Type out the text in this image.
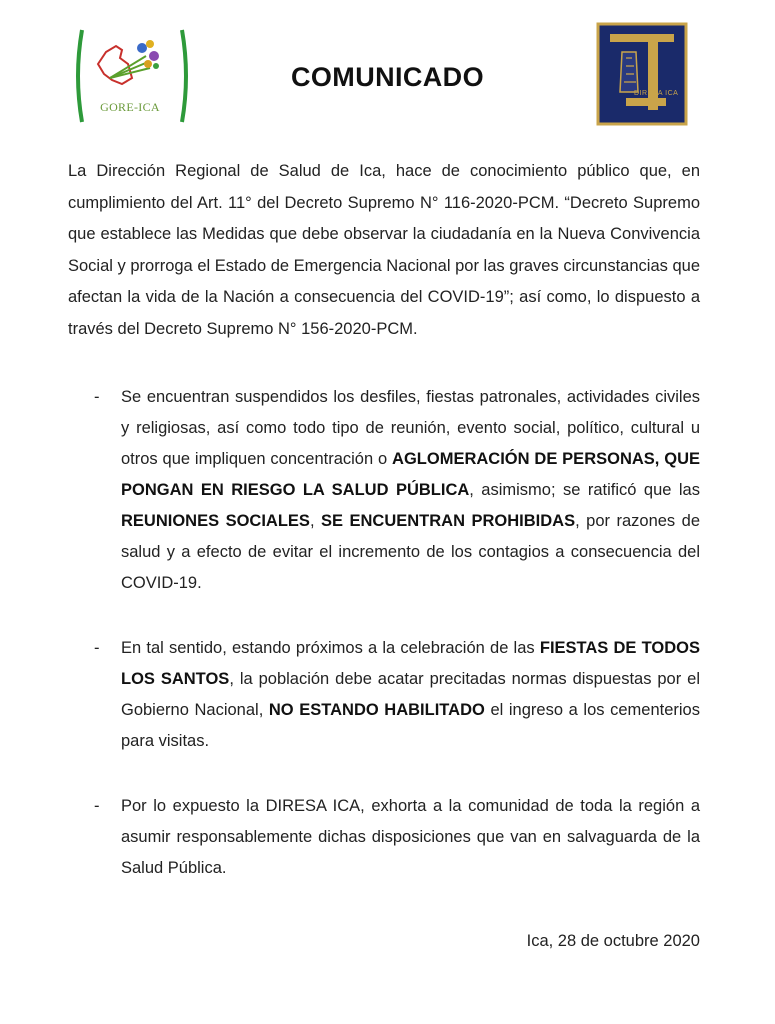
GORE-ICA
COMUNICADO
DIRESA ICA
La Dirección Regional de Salud de Ica, hace de conocimiento público que, en cumplimiento del Art. 11° del Decreto Supremo N° 116-2020-PCM. “Decreto Supremo que establece las Medidas que debe observar la ciudadanía en la Nueva Convivencia Social y prorroga el Estado de Emergencia Nacional por las graves circunstancias que afectan la vida de la Nación a consecuencia del COVID-19”; así como, lo dispuesto a través del Decreto Supremo N° 156-2020-PCM.
- Se encuentran suspendidos los desfiles, fiestas patronales, actividades civiles y religiosas, así como todo tipo de reunión, evento social, político, cultural u otros que impliquen concentración o AGLOMERACIÓN DE PERSONAS, QUE PONGAN EN RIESGO LA SALUD PÚBLICA, asimismo; se ratificó que las REUNIONES SOCIALES, SE ENCUENTRAN PROHIBIDAS, por razones de salud y a efecto de evitar el incremento de los contagios a consecuencia del COVID-19.
- En tal sentido, estando próximos a la celebración de las FIESTAS DE TODOS LOS SANTOS, la población debe acatar precitadas normas dispuestas por el Gobierno Nacional, NO ESTANDO HABILITADO el ingreso a los cementerios para visitas.
- Por lo expuesto la DIRESA ICA, exhorta a la comunidad de toda la región a asumir responsablemente dichas disposiciones que van en salvaguarda de la Salud Pública.
Ica, 28 de octubre 2020
